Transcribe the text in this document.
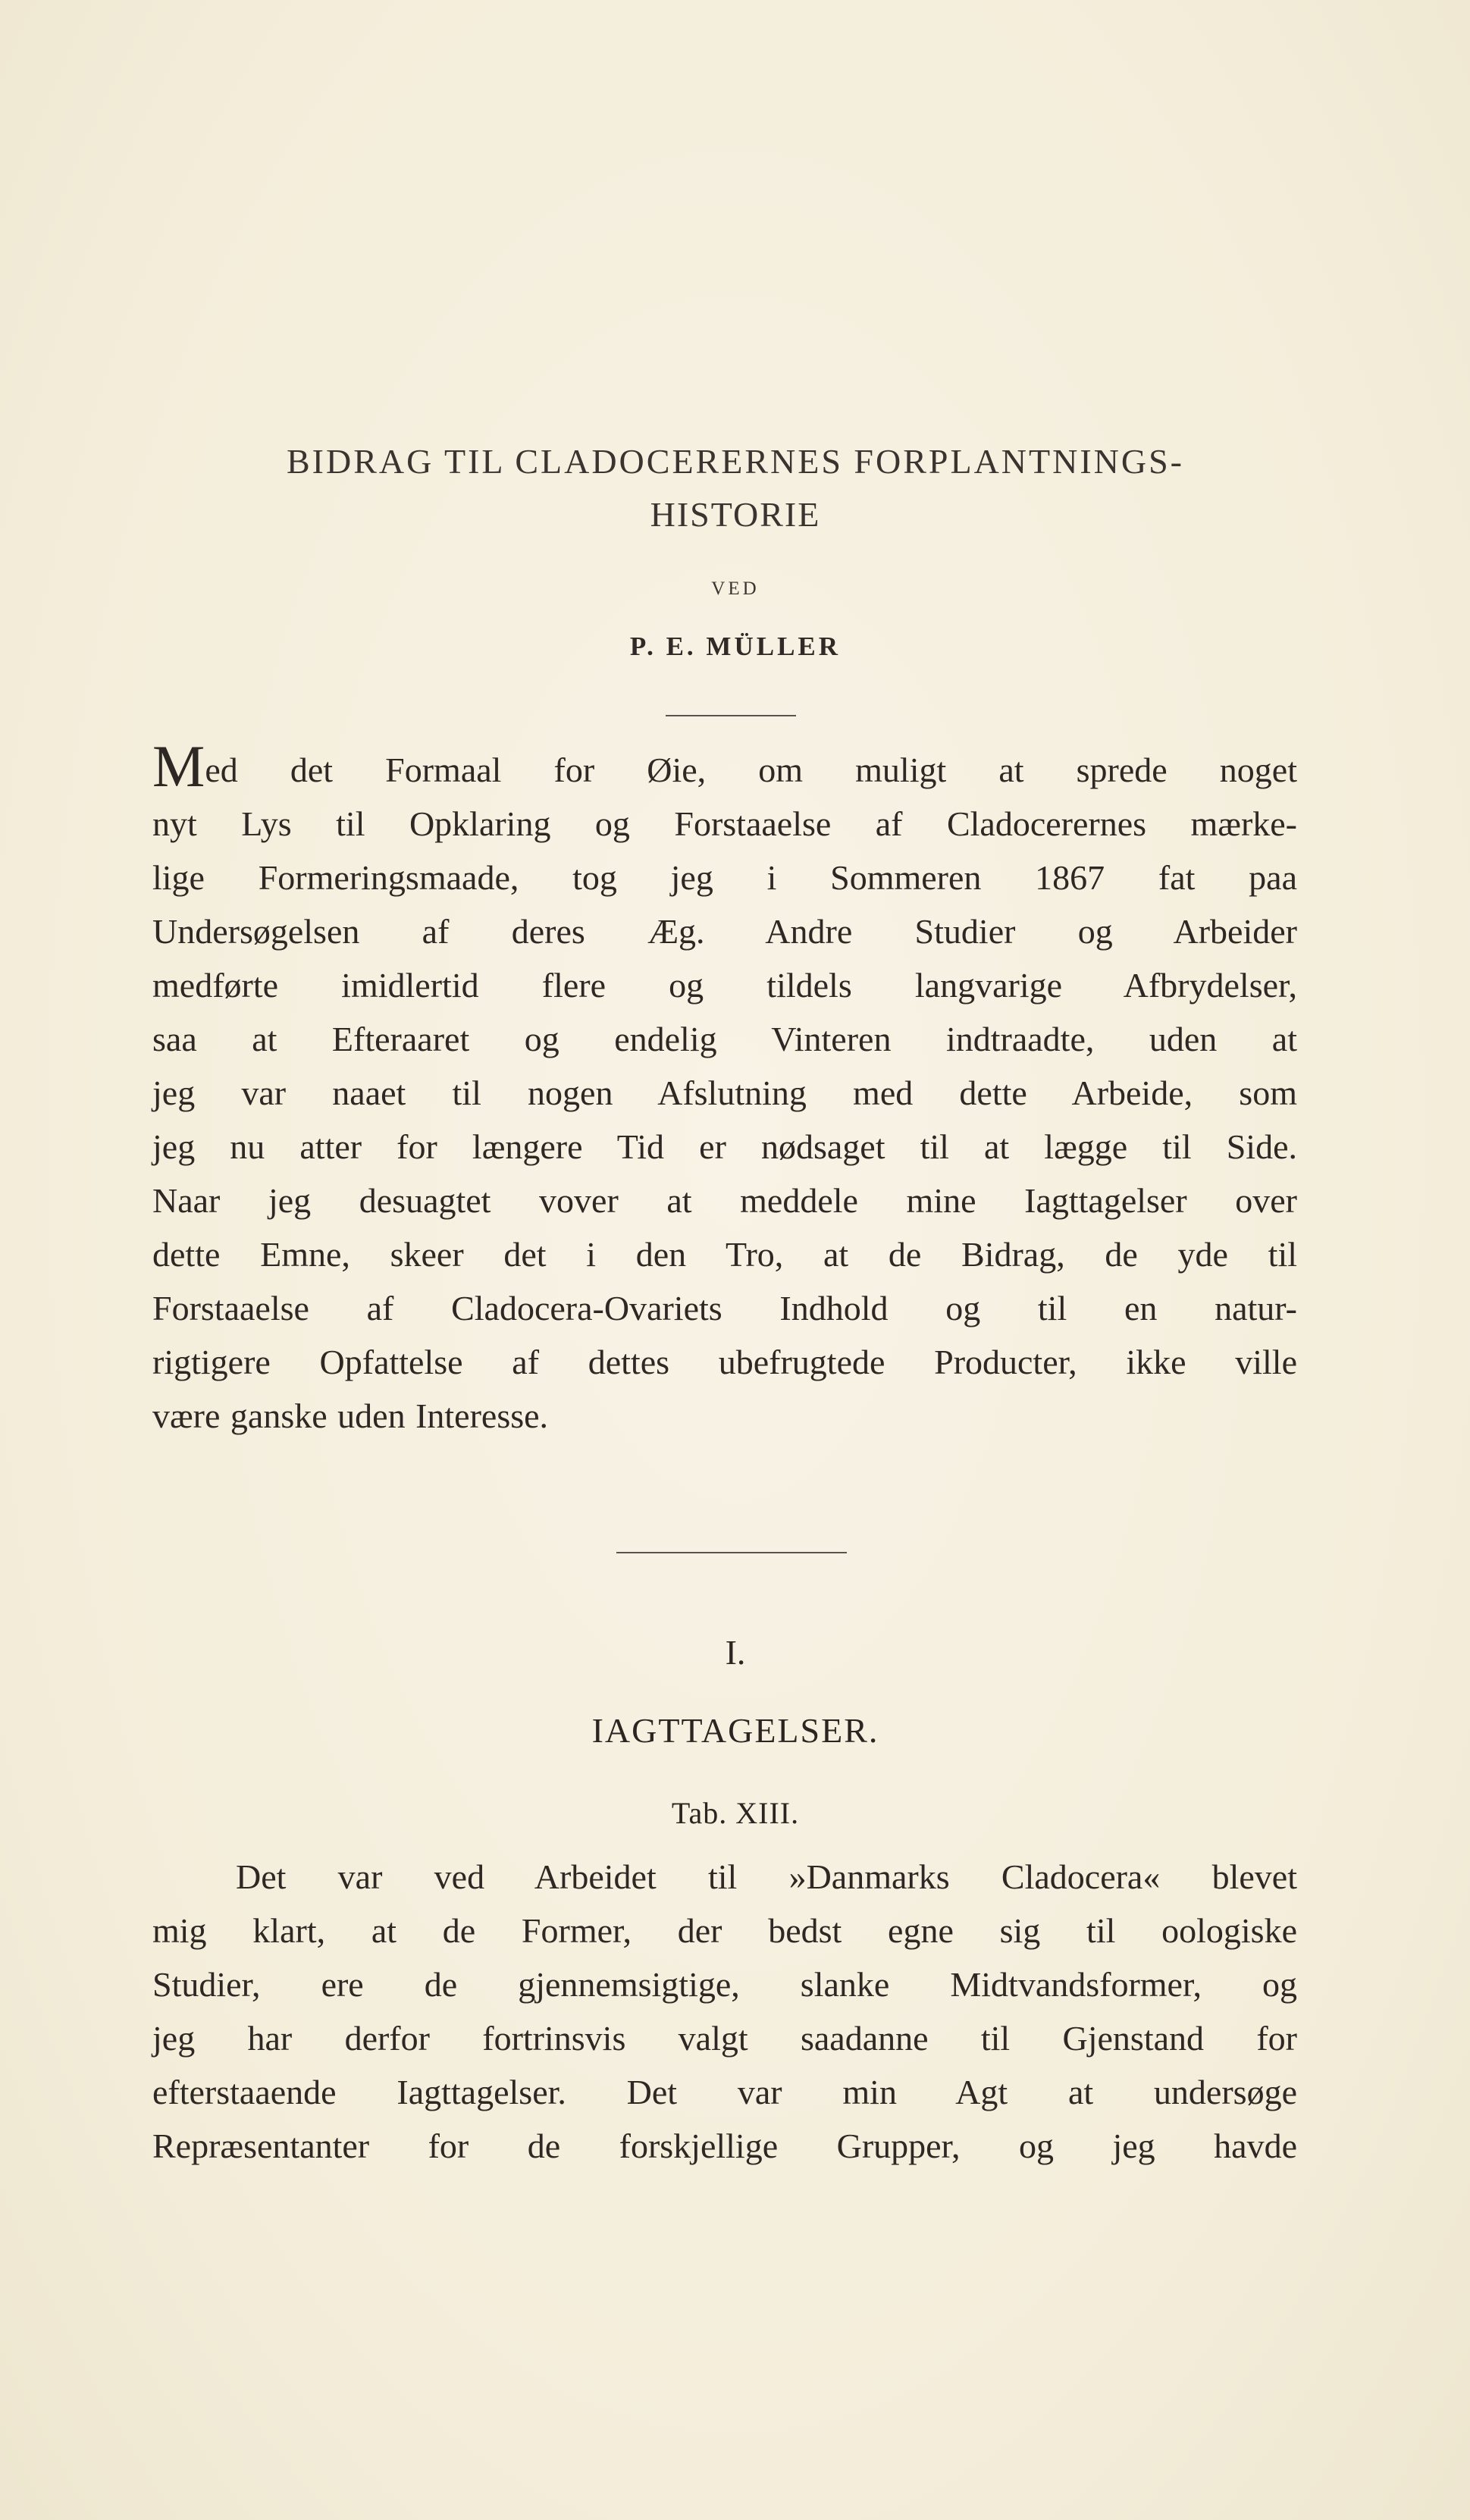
BIDRAG TIL CLADOCERERNES FORPLANTNINGS-
HISTORIE
VED
P. E. MÜLLER
Med det Formaal for Øie, om muligt at sprede noget
nyt Lys til Opklaring og Forstaaelse af Cladocerernes mærke-
lige Formeringsmaade, tog jeg i Sommeren 1867 fat paa
Undersøgelsen af deres Æg. Andre Studier og Arbeider
medførte imidlertid flere og tildels langvarige Afbrydelser,
saa at Efteraaret og endelig Vinteren indtraadte, uden at
jeg var naaet til nogen Afslutning med dette Arbeide, som
jeg nu atter for længere Tid er nødsaget til at lægge til Side.
Naar jeg desuagtet vover at meddele mine Iagttagelser over
dette Emne, skeer det i den Tro, at de Bidrag, de yde til
Forstaaelse af Cladocera-Ovariets Indhold og til en natur-
rigtigere Opfattelse af dettes ubefrugtede Producter, ikke ville
være ganske uden Interesse.
I.
IAGTTAGELSER.
Tab. XIII.
Det var ved Arbeidet til »Danmarks Cladocera« blevet
mig klart, at de Former, der bedst egne sig til oologiske
Studier, ere de gjennemsigtige, slanke Midtvandsformer, og
jeg har derfor fortrinsvis valgt saadanne til Gjenstand for
efterstaaende Iagttagelser. Det var min Agt at undersøge
Repræsentanter for de forskjellige Grupper, og jeg havde
